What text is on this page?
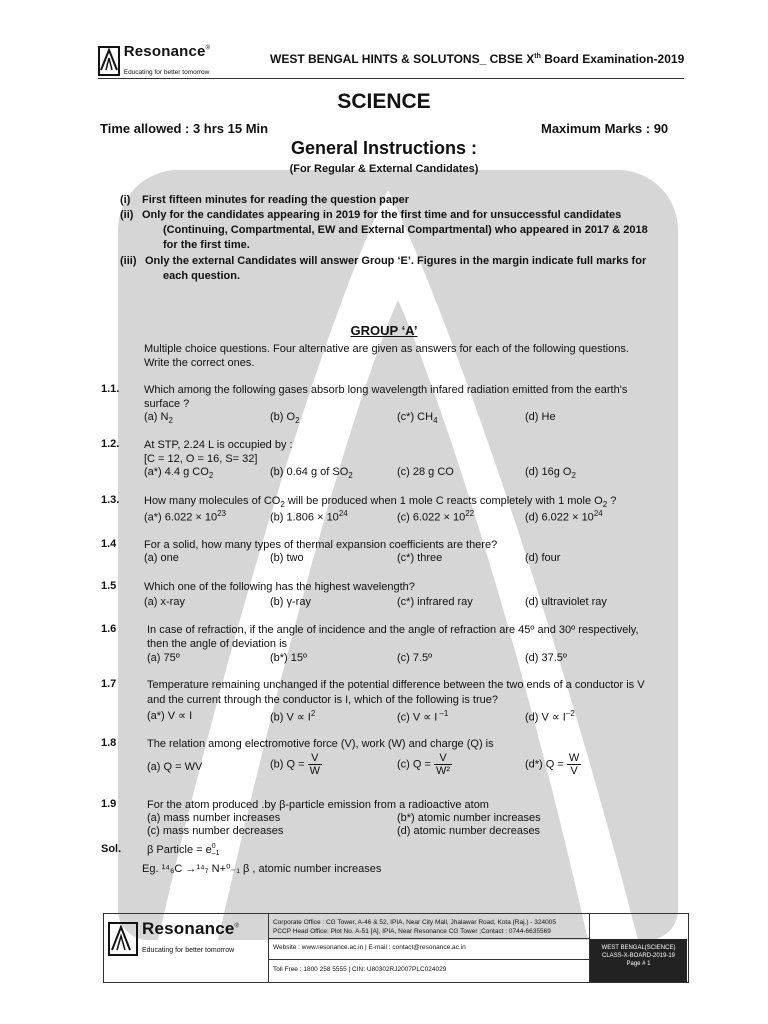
Resonance®
Educating for better tomorrow
WEST BENGAL HINTS & SOLUTONS_ CBSE Xth Board Examination-2019
SCIENCE
Time allowed : 3 hrs 15 Min	Maximum Marks : 90
General Instructions :
(For Regular & External Candidates)
(i) First fifteen minutes for reading the question paper
(ii) Only for the candidates appearing in 2019 for the first time and for unsuccessful candidates
(Continuing, Compartmental, EW and External Compartmental) who appeared in 2017 & 2018
for the first time.
(iii) Only the external Candidates will answer Group ‘E’. Figures in the margin indicate full marks for
each question.
GROUP ‘A’
Multiple choice questions. Four alternative are given as answers for each of the following questions.
Write the correct ones.
1.1. Which among the following gases absorb long wavelength infared radiation emitted from the earth's
surface ?
(a) $N_2$	(b) $O_2$	(c*) $CH_4$	(d) He
1.2. At STP, 2.24 L is occupied by :
[C = 12, O = 16, S= 32]
(a*) 4.4 g $CO_2$	(b) 0.64 g of $SO_2$	(c) 28 g CO	(d) 16g $O_2$
1.3. How many molecules of $CO_2$ will be produced when 1 mole C reacts completely with 1 mole $O_2$ ?
(a*) $6.022 \times 10^{23}$	(b) $1.806 \times 10^{24}$	(c) $6.022 \times 10^{22}$	(d) $6.022 \times 10^{24}$
1.4	For a solid, how many types of thermal expansion coefficients are there?
(a) one	(b) two	(c*) three	(d) four
1.5	Which one of the following has the highest wavelength?
(a) x-ray	(b) γ-ray	(c*) infrared ray	(d) ultraviolet ray
1.6	In case of refraction, if the angle of incidence and the angle of refraction are 45º and 30º respectively,
then the angle of deviation is
(a) 75º	(b*) 15º	(c) 7.5º	(d) 37.5º
1.7	Temperature remaining unchanged if the potential difference between the two ends of a conductor is V
and the current through the conductor is I, which of the following is true?
(a*) V ∝ I	(b) $V \propto I^2$	(c) V ∝ I $^{-1}$	(d) $V \propto I^{-2}$
1.8	The relation among electromotive force (V), work (W) and charge (Q) is
(a) Q = WV	(b) $Q = \frac{V}{W}$	(c) $Q = \frac{V}{\text{W²}}$	(d*) $Q = \frac{W}{V}$
1.9	For the atom produced .by β-particle emission from a radioactive atom
(a) mass number increases	(b*) atomic number increases
(c) mass number decreases	(d) atomic number decreases
Sol. β Particle = e 0
–1
Eg. ¹⁴₆C →¹⁴₇ N+⁰₋₁ β , atomic number increases
Resonance®
Educating for better tomorrow
Corporate Office : CG Tower, A-46 & 52, IPIA, Near City Mall, Jhalawar Road, Kota (Raj.) - 324005
PCCP Head Office: Plot No. A-51 [A], IPIA, Near Resonance CG Tower ;Contact : 0744-6635569
Website : www.resonance.ac.in | E-mail : contact@resonance.ac.in
Toll Free : 1800 258 5555 | CIN: U80302RJ2007PLC024029
WEST BENGAL(SCIENCE)
CLASS-X-BOARD-2019-19
Page # 1
